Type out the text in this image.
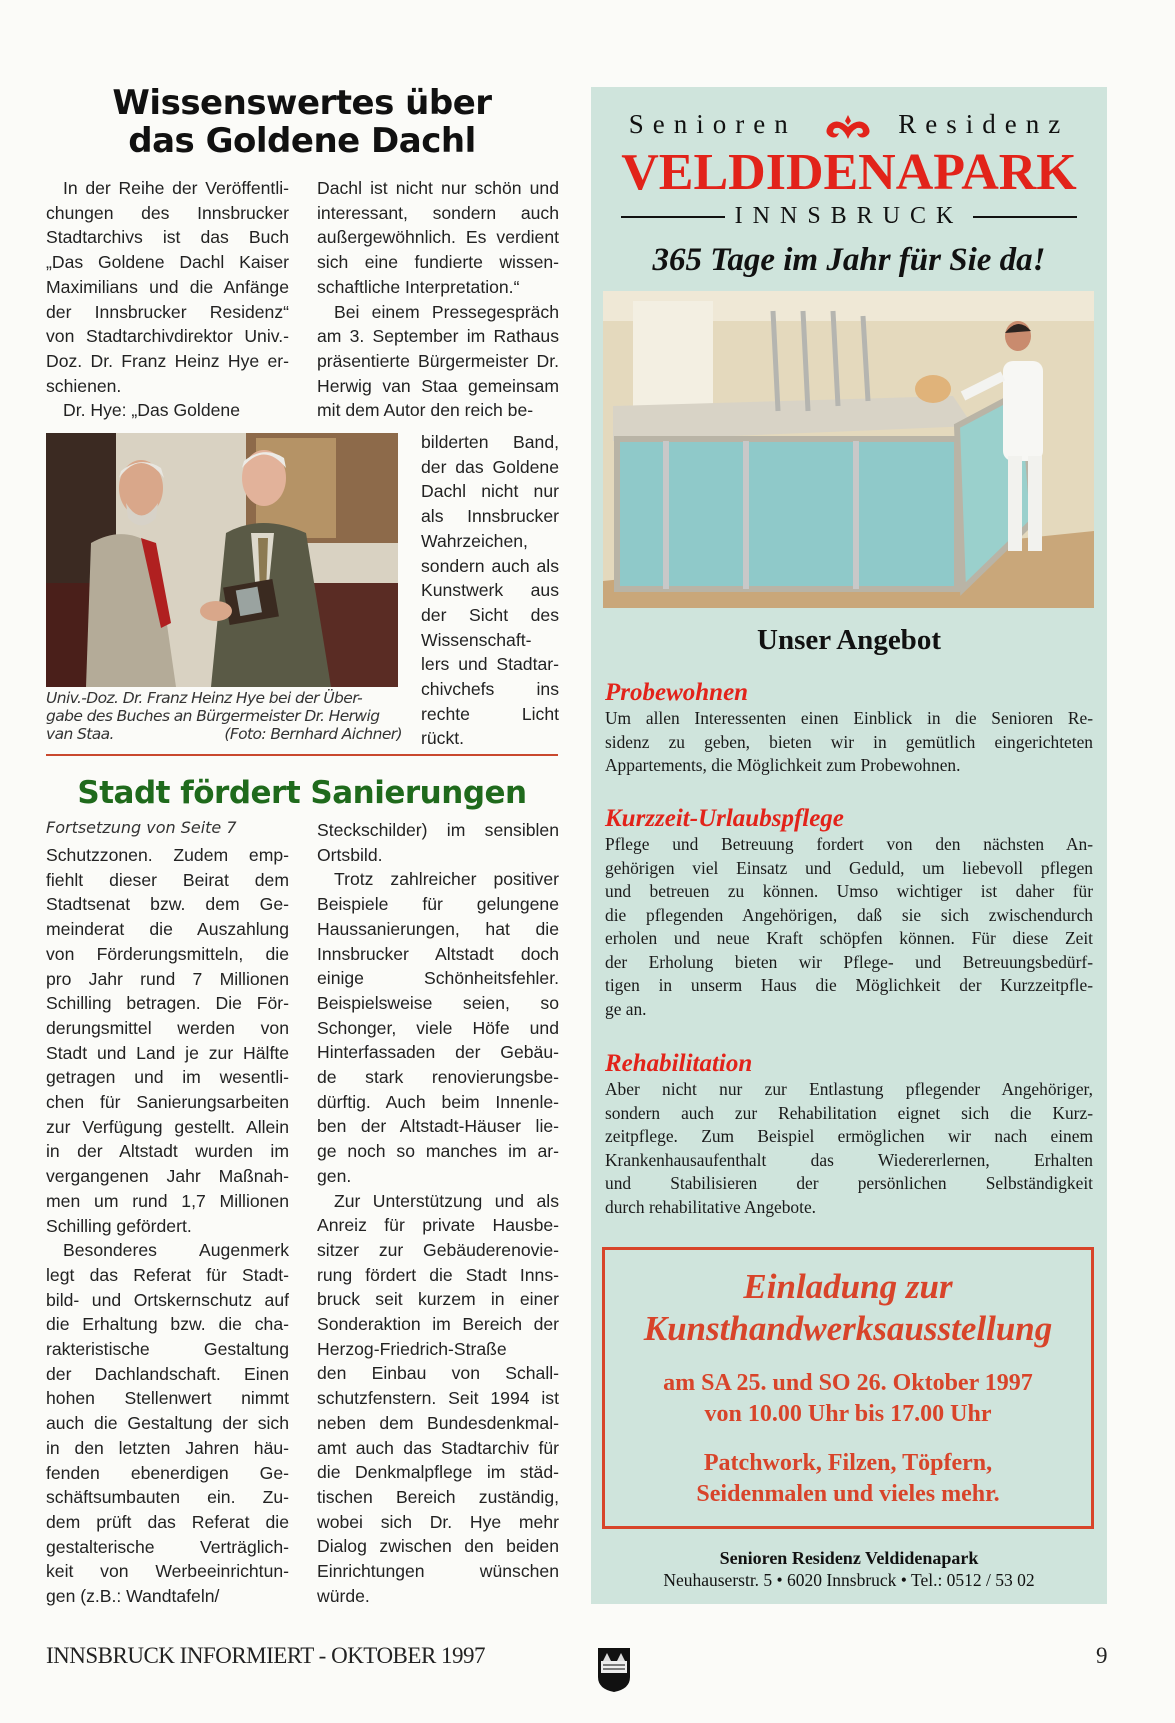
Wissenswertes über
das Goldene Dachl
In der Reihe der Veröffentli-
chungen des Innsbrucker
Stadtarchivs ist das Buch
„Das Goldene Dachl Kaiser
Maximilians und die Anfänge
der Innsbrucker Residenz“
von Stadtarchivdirektor Univ.-
Doz. Dr. Franz Heinz Hye er-
schienen.
Dr. Hye: „Das Goldene
Dachl ist nicht nur schön und
interessant, sondern auch
außergewöhnlich. Es verdient
sich eine fundierte wissen-
schaftliche Interpretation.“
Bei einem Pressegespräch
am 3. September im Rathaus
präsentierte Bürgermeister Dr.
Herwig van Staa gemeinsam
mit dem Autor den reich be-
bilderten Band,
der das Goldene
Dachl nicht nur
als Innsbrucker
Wahrzeichen,
sondern auch als
Kunstwerk aus
der Sicht des
Wissenschaft-
lers und Stadtar-
chivchefs ins
rechte Licht
rückt.
Univ.-Doz. Dr. Franz Heinz Hye bei der Über-
gabe des Buches an Bürgermeister Dr. Herwig
van Staa.	(Foto: Bernhard Aichner)
Stadt fördert Sanierungen
Fortsetzung von Seite 7
Schutzzonen. Zudem emp-
fiehlt dieser Beirat dem
Stadtsenat bzw. dem Ge-
meinderat die Auszahlung
von Förderungsmitteln, die
pro Jahr rund 7 Millionen
Schilling betragen. Die För-
derungsmittel werden von
Stadt und Land je zur Hälfte
getragen und im wesentli-
chen für Sanierungsarbeiten
zur Verfügung gestellt. Allein
in der Altstadt wurden im
vergangenen Jahr Maßnah-
men um rund 1,7 Millionen
Schilling gefördert.
Besonderes Augenmerk
legt das Referat für Stadt-
bild- und Ortskernschutz auf
die Erhaltung bzw. die cha-
rakteristische Gestaltung
der Dachlandschaft. Einen
hohen Stellenwert nimmt
auch die Gestaltung der sich
in den letzten Jahren häu-
fenden ebenerdigen Ge-
schäftsumbauten ein. Zu-
dem prüft das Referat die
gestalterische Verträglich-
keit von Werbeeinrichtun-
gen (z.B.: Wandtafeln/
Steckschilder) im sensiblen
Ortsbild.
Trotz zahlreicher positiver
Beispiele für gelungene
Haussanierungen, hat die
Innsbrucker Altstadt doch
einige Schönheitsfehler.
Beispielsweise seien, so
Schonger, viele Höfe und
Hinterfassaden der Gebäu-
de stark renovierungsbe-
dürftig. Auch beim Innenle-
ben der Altstadt-Häuser lie-
ge noch so manches im ar-
gen.
Zur Unterstützung und als
Anreiz für private Hausbe-
sitzer zur Gebäuderenovie-
rung fördert die Stadt Inns-
bruck seit kurzem in einer
Sonderaktion im Bereich der
Herzog-Friedrich-Straße
den Einbau von Schall-
schutzfenstern. Seit 1994 ist
neben dem Bundesdenkmal-
amt auch das Stadtarchiv für
die Denkmalpflege im städ-
tischen Bereich zuständig,
wobei sich Dr. Hye mehr
Dialog zwischen den beiden
Einrichtungen wünschen
würde.
Senioren	Residenz
VELDIDENAPARK
INNSBRUCK
365 Tage im Jahr für Sie da!
Unser Angebot
Probewohnen
Um allen Interessenten einen Einblick in die Senioren Re-
sidenz zu geben, bieten wir in gemütlich eingerichteten
Appartements, die Möglichkeit zum Probewohnen.
Kurzzeit-Urlaubspflege
Pflege und Betreuung fordert von den nächsten An-
gehörigen viel Einsatz und Geduld, um liebevoll pflegen
und betreuen zu können. Umso wichtiger ist daher für
die pflegenden Angehörigen, daß sie sich zwischendurch
erholen und neue Kraft schöpfen können. Für diese Zeit
der Erholung bieten wir Pflege- und Betreuungsbedürf-
tigen in unserm Haus die Möglichkeit der Kurzzeitpfle-
ge an.
Rehabilitation
Aber nicht nur zur Entlastung pflegender Angehöriger,
sondern auch zur Rehabilitation eignet sich die Kurz-
zeitpflege. Zum Beispiel ermöglichen wir nach einem
Krankenhausaufenthalt das Wiedererlernen, Erhalten
und Stabilisieren der persönlichen Selbständigkeit
durch rehabilitative Angebote.
Einladung zur
Kunsthandwerksausstellung
am SA 25. und SO 26. Oktober 1997
von 10.00 Uhr bis 17.00 Uhr
Patchwork, Filzen, Töpfern,
Seidenmalen und vieles mehr.
Senioren Residenz Veldidenapark
Neuhauserstr. 5 • 6020 Innsbruck • Tel.: 0512 / 53 02
INNSBRUCK INFORMIERT - OKTOBER 1997	9
